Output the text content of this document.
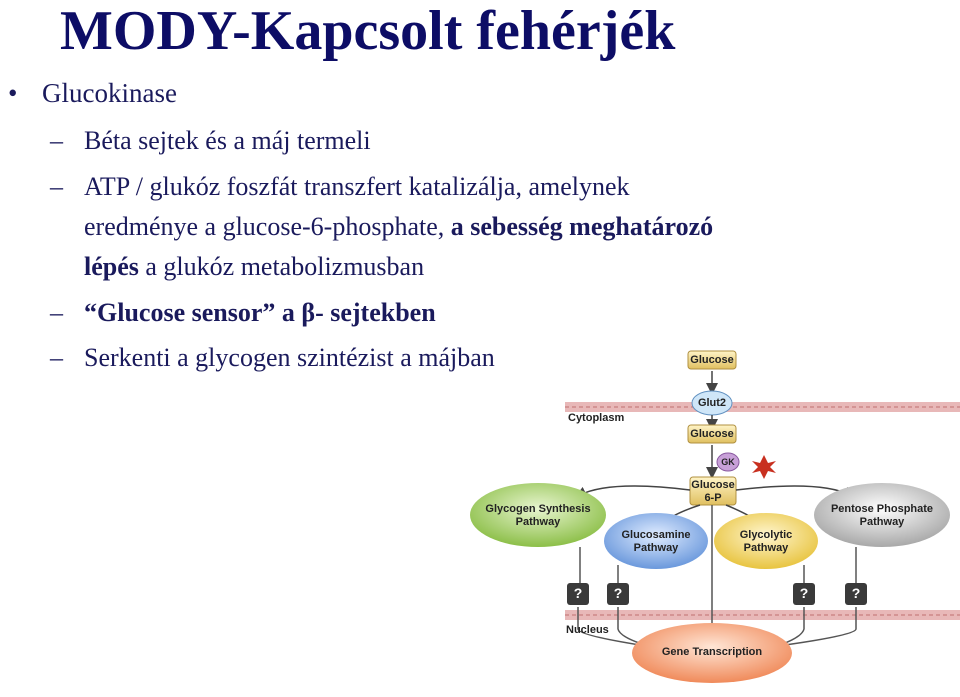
MODY-Kapcsolt fehérjék
• Glucokinase
– Béta sejtek és a máj termeli
– ATP / glukóz foszfát transzfert katalizálja, amelynek
eredménye a glucose-6-phosphate, a sebesség meghatározó
lépés a glukóz metabolizmusban
– “Glucose sensor” a β- sejtekben
– Serkenti a glycogen szintézist a májban	Glucose
Glut2
Cytoplasm
Glucose
GK
Glucose
6-P
Glycogen Synthesis
Pathway
Glucosamine
Pathway
Glycolytic
Pathway
Pentose Phosphate
Pathway
?	?	?	?
Nucleus
Gene Transcription
